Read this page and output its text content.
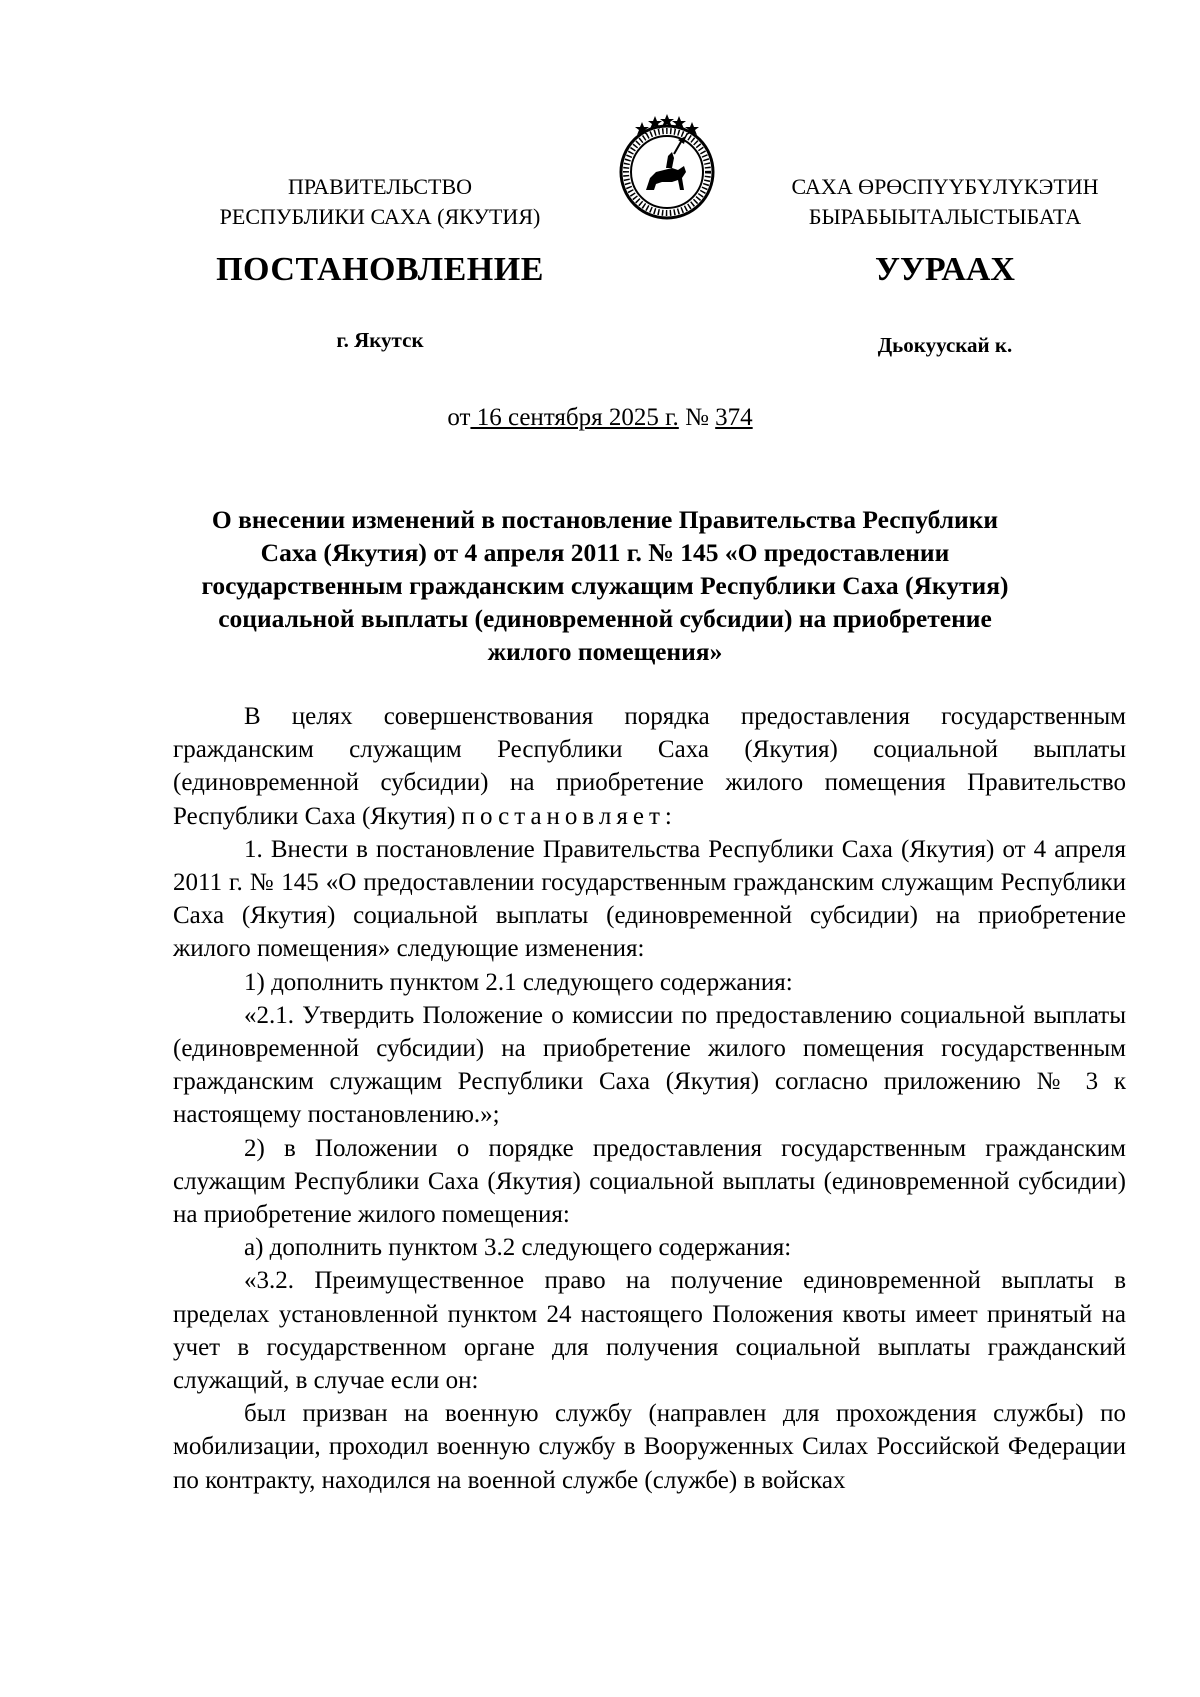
ПРАВИТЕЛЬСТВО
РЕСПУБЛИКИ САХА (ЯКУТИЯ)
САХА ӨРӨСПҮҮБҮЛҮКЭТИН
БЫРАБЫЫТАЛЫСТЫБАТА
ПОСТАНОВЛЕНИЕ	УУРААХ
г. Якутск	Дьокуускай к.
от 16 сентября 2025 г. № 374
О внесении изменений в постановление Правительства Республики
Саха (Якутия) от 4 апреля 2011 г. № 145 «О предоставлении
государственным гражданским служащим Республики Саха (Якутия)
социальной выплаты (единовременной субсидии) на приобретение
жилого помещения»

В целях совершенствования порядка предоставления государственным гражданским служащим Республики Саха (Якутия) социальной выплаты (единовременной субсидии) на приобретение жилого помещения Правительство Республики Саха (Якутия) постановляет:

1. Внести в постановление Правительства Республики Саха (Якутия) от 4 апреля 2011 г. № 145 «О предоставлении государственным гражданским служащим Республики Саха (Якутия) социальной выплаты (единовременной субсидии) на приобретение жилого помещения» следующие изменения:

1) дополнить пунктом 2.1 следующего содержания:

«2.1. Утвердить Положение о комиссии по предоставлению социальной выплаты (единовременной субсидии) на приобретение жилого помещения государственным гражданским служащим Республики Саха (Якутия) согласно приложению № 3 к настоящему постановлению.»;

2) в Положении о порядке предоставления государственным гражданским служащим Республики Саха (Якутия) социальной выплаты (единовременной субсидии) на приобретение жилого помещения:

а) дополнить пунктом 3.2 следующего содержания:

«3.2. Преимущественное право на получение единовременной выплаты в пределах установленной пунктом 24 настоящего Положения квоты имеет принятый на учет в государственном органе для получения социальной выплаты гражданский служащий, в случае если он:

был призван на военную службу (направлен для прохождения службы) по мобилизации, проходил военную службу в Вооруженных Силах Российской Федерации по контракту, находился на военной службе (службе) в войсках
